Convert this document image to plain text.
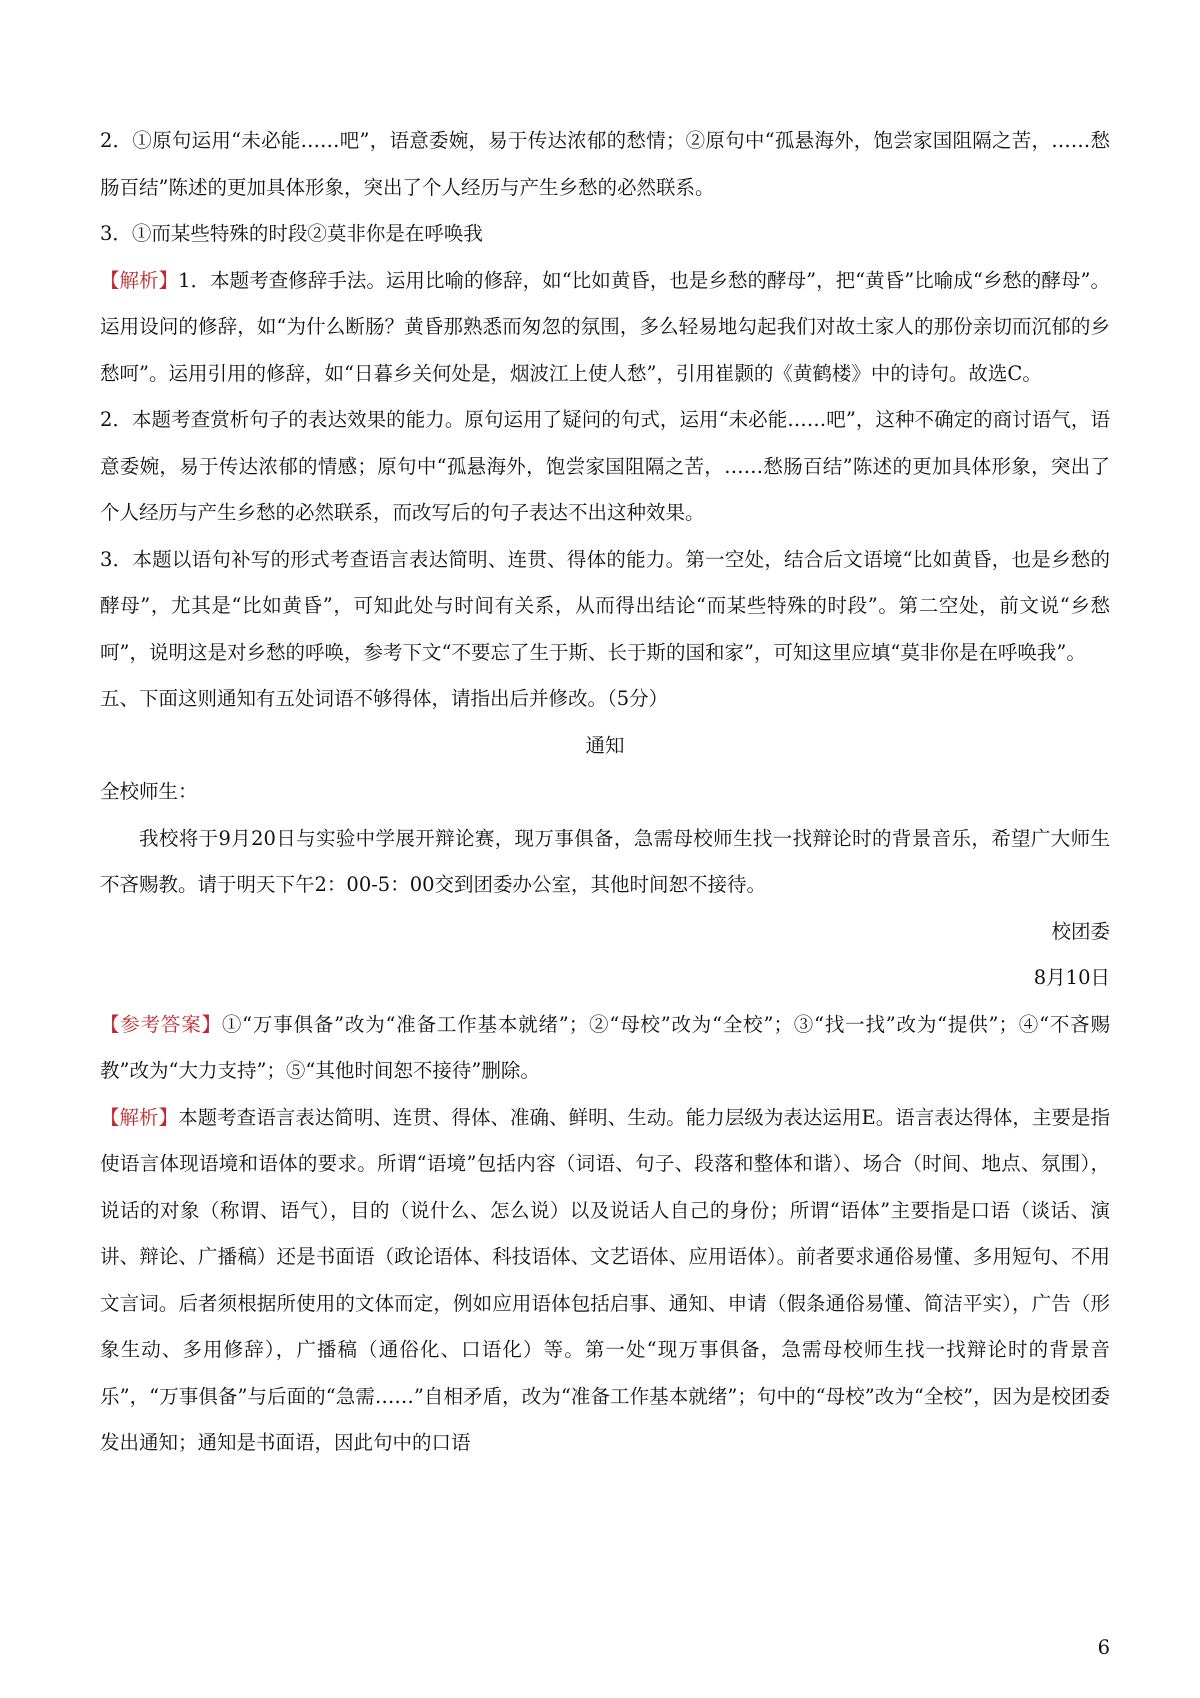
2．①原句运用“未必能……吧”，语意委婉，易于传达浓郁的愁情；②原句中“孤悬海外，饱尝家国阻隔之苦，……愁肠百结”陈述的更加具体形象，突出了个人经历与产生乡愁的必然联系。

3．①而某些特殊的时段②莫非你是在呼唤我

【解析】1．本题考查修辞手法。运用比喻的修辞，如“比如黄昏，也是乡愁的酵母”，把“黄昏”比喻成“乡愁的酵母”。运用设问的修辞，如“为什么断肠？黄昏那熟悉而匆忽的氛围，多么轻易地勾起我们对故土家人的那份亲切而沉郁的乡愁呵”。运用引用的修辞，如“日暮乡关何处是，烟波江上使人愁”，引用崔颢的《黄鹤楼》中的诗句。故选C。

2．本题考查赏析句子的表达效果的能力。原句运用了疑问的句式，运用“未必能……吧”，这种不确定的商讨语气，语意委婉，易于传达浓郁的情感；原句中“孤悬海外，饱尝家国阻隔之苦，……愁肠百结”陈述的更加具体形象，突出了个人经历与产生乡愁的必然联系，而改写后的句子表达不出这种效果。

3．本题以语句补写的形式考查语言表达简明、连贯、得体的能力。第一空处，结合后文语境“比如黄昏，也是乡愁的酵母”，尤其是“比如黄昏”，可知此处与时间有关系，从而得出结论“而某些特殊的时段”。第二空处，前文说“乡愁呵”，说明这是对乡愁的呼唤，参考下文“不要忘了生于斯、长于斯的国和家”，可知这里应填“莫非你是在呼唤我”。

五、下面这则通知有五处词语不够得体，请指出后并修改。（5分）

通知

全校师生：

我校将于9月20日与实验中学展开辩论赛，现万事俱备，急需母校师生找一找辩论时的背景音乐，希望广大师生不吝赐教。请于明天下午2：00-5：00交到团委办公室，其他时间恕不接待。

校团委

8月10日

【参考答案】①“万事俱备”改为“准备工作基本就绪”；②“母校”改为“全校”；③“找一找”改为“提供”；④“不吝赐教”改为“大力支持”；⑤“其他时间恕不接待”删除。

【解析】本题考查语言表达简明、连贯、得体、准确、鲜明、生动。能力层级为表达运用E。语言表达得体，主要是指使语言体现语境和语体的要求。所谓“语境”包括内容（词语、句子、段落和整体和谐）、场合（时间、地点、氛围），说话的对象（称谓、语气），目的（说什么、怎么说）以及说话人自己的身份；所谓“语体”主要指是口语（谈话、演讲、辩论、广播稿）还是书面语（政论语体、科技语体、文艺语体、应用语体）。前者要求通俗易懂、多用短句、不用文言词。后者须根据所使用的文体而定，例如应用语体包括启事、通知、申请（假条通俗易懂、简洁平实），广告（形象生动、多用修辞），广播稿（通俗化、口语化）等。第一处“现万事俱备，急需母校师生找一找辩论时的背景音乐”，“万事俱备”与后面的“急需……”自相矛盾，改为“准备工作基本就绪”；句中的“母校”改为“全校”，因为是校团委发出通知；通知是书面语，因此句中的口语

6
